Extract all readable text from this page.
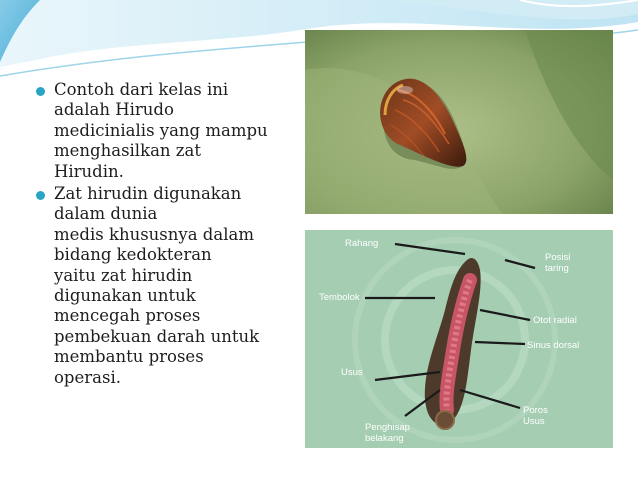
Contoh dari kelas ini
adalah Hirudo
medicinialis yang mampu
menghasilkan zat
Hirudin.
Zat hirudin digunakan
dalam dunia
medis khususnya dalam
bidang kedokteran
yaitu zat hirudin
digunakan untuk
mencegah proses
pembekuan darah untuk
membantu proses
operasi.
Rahang
Posisi
taring
Tembolok
Otot radial
Sinus dorsal
Usus
Penghisap
belakang
Poros
Usus
